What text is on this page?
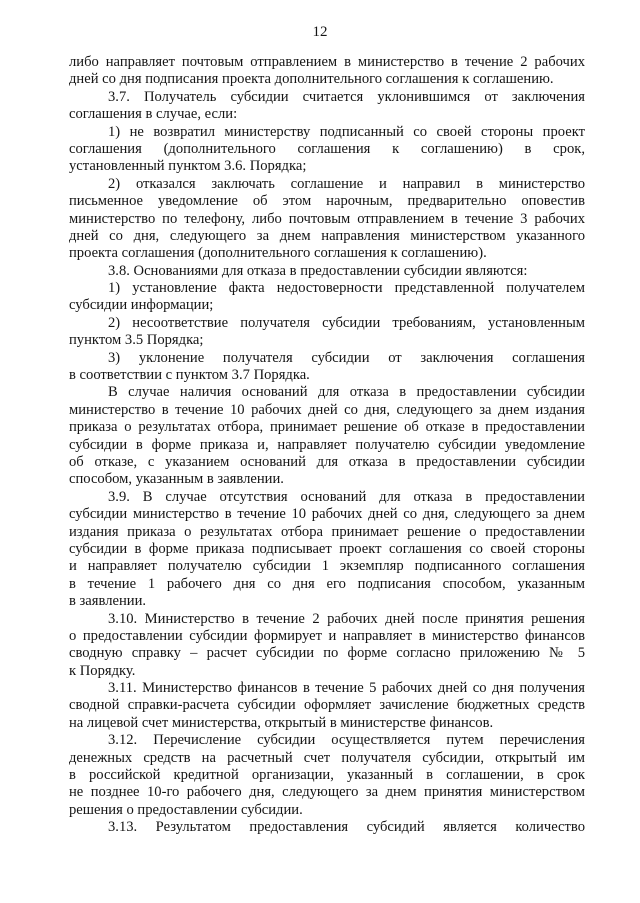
12
либо направляет почтовым отправлением в министерство в течение 2 рабочих
дней со дня подписания проекта дополнительного соглашения к соглашению.
3.7. Получатель субсидии считается уклонившимся от заключения
соглашения в случае, если:
1) не возвратил министерству подписанный со своей стороны проект
соглашения (дополнительного соглашения к соглашению) в срок,
установленный пунктом 3.6. Порядка;
2) отказался заключать соглашение и направил в министерство
письменное уведомление об этом нарочным, предварительно оповестив
министерство по телефону, либо почтовым отправлением в течение 3 рабочих
дней со дня, следующего за днем направления министерством указанного
проекта соглашения (дополнительного соглашения к соглашению).
3.8. Основаниями для отказа в предоставлении субсидии являются:
1) установление факта недостоверности представленной получателем
субсидии информации;
2) несоответствие получателя субсидии требованиям, установленным
пунктом 3.5 Порядка;
3) уклонение получателя субсидии от заключения соглашения
в соответствии с пунктом 3.7 Порядка.
В случае наличия оснований для отказа в предоставлении субсидии
министерство в течение 10 рабочих дней со дня, следующего за днем издания
приказа о результатах отбора, принимает решение об отказе в предоставлении
субсидии в форме приказа и, направляет получателю субсидии уведомление
об отказе, с указанием оснований для отказа в предоставлении субсидии
способом, указанным в заявлении.
3.9. В случае отсутствия оснований для отказа в предоставлении
субсидии министерство в течение 10 рабочих дней со дня, следующего за днем
издания приказа о результатах отбора принимает решение о предоставлении
субсидии в форме приказа подписывает проект соглашения со своей стороны
и направляет получателю субсидии 1 экземпляр подписанного соглашения
в течение 1 рабочего дня со дня его подписания способом, указанным
в заявлении.
3.10. Министерство в течение 2 рабочих дней после принятия решения
о предоставлении субсидии формирует и направляет в министерство финансов
сводную справку – расчет субсидии по форме согласно приложению № 5
к Порядку.
3.11. Министерство финансов в течение 5 рабочих дней со дня получения
сводной справки-расчета субсидии оформляет зачисление бюджетных средств
на лицевой счет министерства, открытый в министерстве финансов.
3.12. Перечисление субсидии осуществляется путем перечисления
денежных средств на расчетный счет получателя субсидии, открытый им
в российской кредитной организации, указанный в соглашении, в срок
не позднее 10-го рабочего дня, следующего за днем принятия министерством
решения о предоставлении субсидии.
3.13. Результатом предоставления субсидий является количество
